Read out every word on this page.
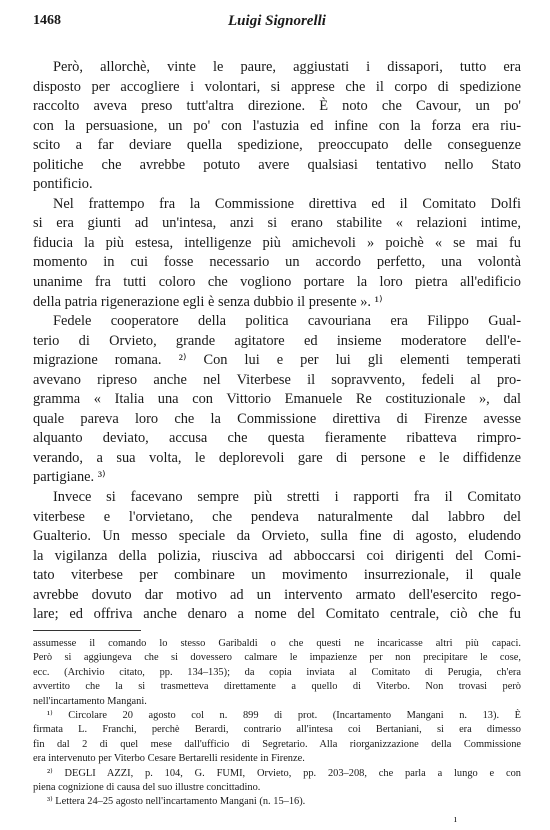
1468	Luigi Signorelli
Però, allorchè, vinte le paure, aggiustati i dissapori, tutto era
disposto per accogliere i volontari, si apprese che il corpo di spedizione
raccolto aveva preso tutt'altra direzione. È noto che Cavour, un po'
con la persuasione, un po' con l'astuzia ed infine con la forza era riu-
scito a far deviare quella spedizione, preoccupato delle conseguenze
politiche che avrebbe potuto avere qualsiasi tentativo nello Stato
pontificio.
Nel frattempo fra la Commissione direttiva ed il Comitato Dolfi
si era giunti ad un'intesa, anzi si erano stabilite « relazioni intime,
fiducia la più estesa, intelligenze più amichevoli » poichè « se mai fu
momento in cui fosse necessario un accordo perfetto, una volontà
unanime fra tutti coloro che vogliono portare la loro pietra all'edificio
della patria rigenerazione egli è senza dubbio il presente ». ¹⁾
Fedele cooperatore della politica cavouriana era Filippo Gual-
terio di Orvieto, grande agitatore ed insieme moderatore dell'e-
migrazione romana. ²⁾ Con lui e per lui gli elementi temperati
avevano ripreso anche nel Viterbese il sopravvento, fedeli al pro-
gramma « Italia una con Vittorio Emanuele Re costituzionale », dal
quale pareva loro che la Commissione direttiva di Firenze avesse
alquanto deviato, accusa che questa fieramente ribatteva rimpro-
verando, a sua volta, le deplorevoli gare di persone e le diffidenze
partigiane. ³⁾
Invece si facevano sempre più stretti i rapporti fra il Comitato
viterbese e l'orvietano, che pendeva naturalmente dal labbro del
Gualterio. Un messo speciale da Orvieto, sulla fine di agosto, eludendo
la vigilanza della polizia, riusciva ad abboccarsi coi dirigenti del Comi-
tato viterbese per combinare un movimento insurrezionale, il quale
avrebbe dovuto dar motivo ad un intervento armato dell'esercito rego-
lare; ed offriva anche denaro a nome del Comitato centrale, ciò che fu
assumesse il comando lo stesso Garibaldi o che questi ne incaricasse altri più capaci.
Però si aggiungeva che si dovessero calmare le impazienze per non precipitare le cose,
ecc. (Archivio citato, pp. 134–135); da copia inviata al Comitato di Perugia, ch'era
avvertito che la si trasmetteva direttamente a quello di Viterbo. Non trovasi però
nell'incartamento Mangani.
¹⁾ Circolare 20 agosto col n. 899 di prot. (Incartamento Mangani n. 13). È
firmata L. Franchi, perchè Berardi, contrario all'intesa coi Bertaniani, si era dimesso
fin dal 2 di quel mese dall'ufficio di Segretario. Alla riorganizzazione della Commissione
era intervenuto per Viterbo Cesare Bertarelli residente in Firenze.
²⁾ DEGLI AZZI, p. 104, G. FUMI, Orvieto, pp. 203–208, che parla a lungo e con
piena cognizione di causa del suo illustre concittadino.
³⁾ Lettera 24–25 agosto nell'incartamento Mangani (n. 15–16).
ı
